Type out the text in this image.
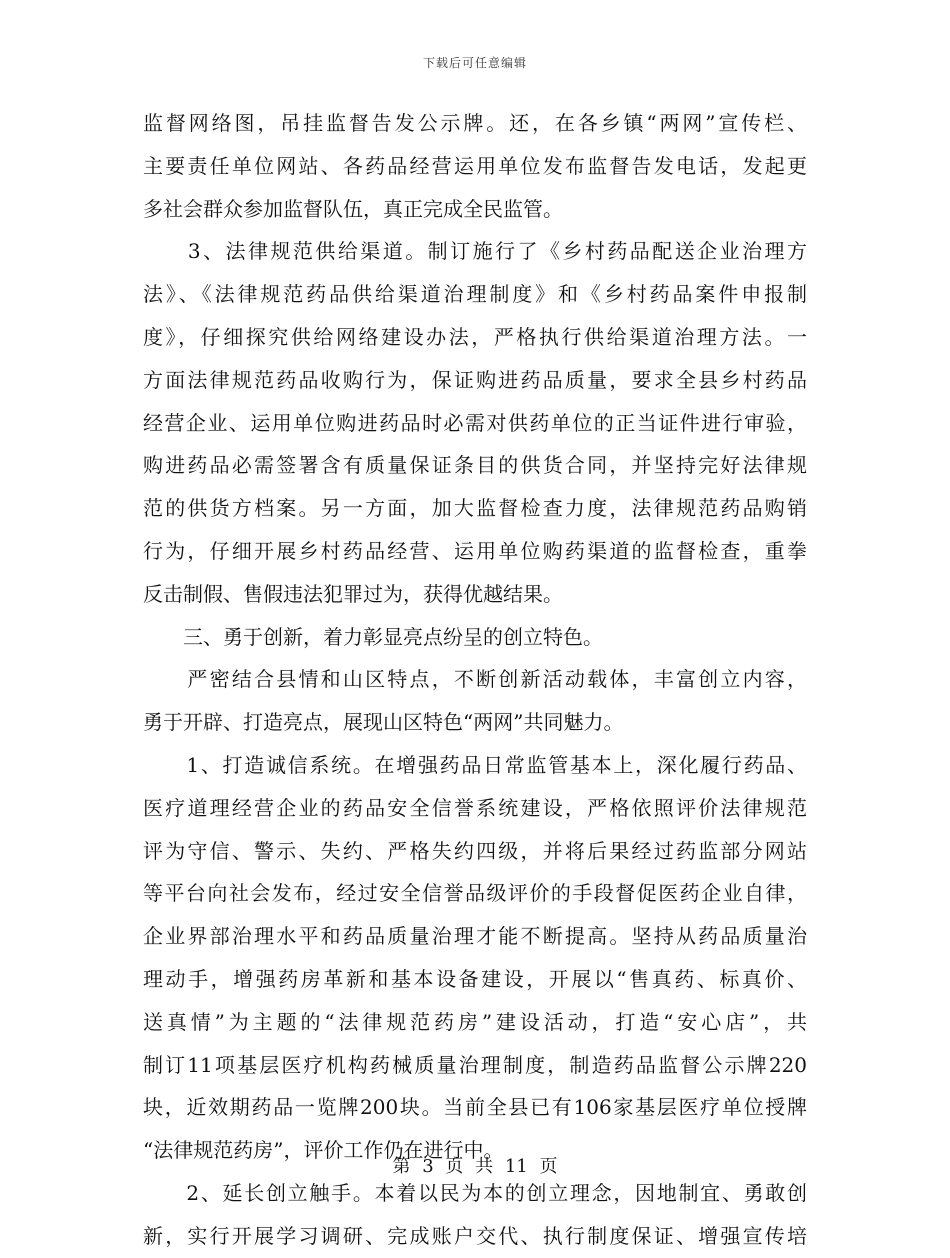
下载后可任意编辑
监督网络图，吊挂监督告发公示牌。还，在各乡镇“两网”宣传栏、
主要责任单位网站、各药品经营运用单位发布监督告发电话，发起更
多社会群众参加监督队伍，真正完成全民监管。
　　3、法律规范供给渠道。制订施行了《乡村药品配送企业治理方
法》、《法律规范药品供给渠道治理制度》和《乡村药品案件申报制
度》，仔细探究供给网络建设办法，严格执行供给渠道治理方法。一
方面法律规范药品收购行为，保证购进药品质量，要求全县乡村药品
经营企业、运用单位购进药品时必需对供药单位的正当证件进行审验，
购进药品必需签署含有质量保证条目的供货合同，并坚持完好法律规
范的供货方档案。另一方面，加大监督检查力度，法律规范药品购销
行为，仔细开展乡村药品经营、运用单位购药渠道的监督检查，重拳
反击制假、售假违法犯罪过为，获得优越结果。
　　三、勇于创新，着力彰显亮点纷呈的创立特色。
　　严密结合县情和山区特点，不断创新活动载体，丰富创立内容，
勇于开辟、打造亮点，展现山区特色“两网”共同魅力。
　　1、打造诚信系统。在增强药品日常监管基本上，深化履行药品、
医疗道理经营企业的药品安全信誉系统建设，严格依照评价法律规范
评为守信、警示、失约、严格失约四级，并将后果经过药监部分网站
等平台向社会发布，经过安全信誉品级评价的手段督促医药企业自律，
企业界部治理水平和药品质量治理才能不断提高。坚持从药品质量治
理动手，增强药房革新和基本设备建设，开展以“售真药、标真价、
送真情”为主题的“法律规范药房”建设活动，打造“安心店”，共
制订11项基层医疗机构药械质量治理制度，制造药品监督公示牌220
块，近效期药品一览牌200块。当前全县已有106家基层医疗单位授牌
“法律规范药房”，评价工作仍在进行中。
　　2、延长创立触手。本着以民为本的创立理念，因地制宜、勇敢创
新，实行开展学习调研、完成账户交代、执行制度保证、增强宣传培
第 3 页 共 11 页
